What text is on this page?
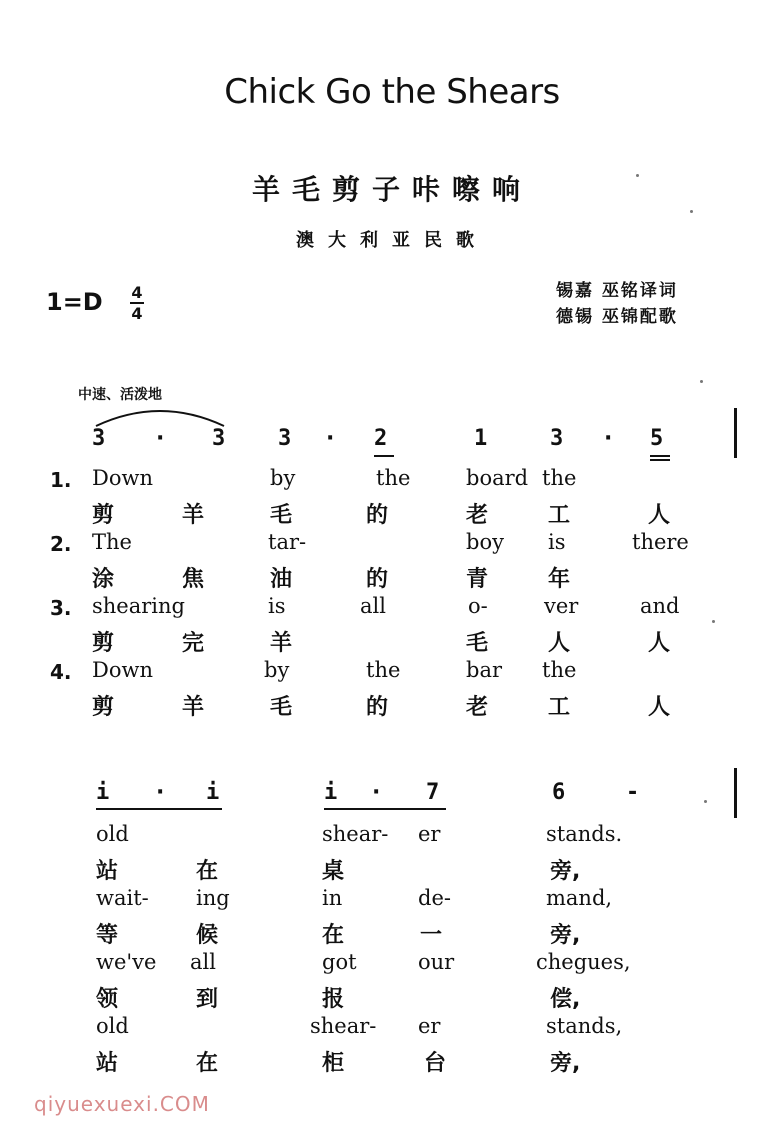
Chick Go the Shears
羊毛剪子咔嚓响
澳大利亚民歌
1=D 4
4
锡嘉 巫铭译词
德锡 巫锦配歌
中速、活泼地
3 · 3 3 · 2	1	3 · 5
1.
2.
3.
4.
Down	by	the	board the
剪	羊	毛	的	老	工	人
The	tar-	boy is	there
涂	焦	油	的	青	年
shearing	is	all	o-	ver	and
剪	完	羊	毛	人	人
Down	by	the	bar the
剪	羊	毛	的	老	工	人
i · i	i · 7	6	-
old	shear- er	stands.
站	在	桌	旁,
wait- ing	in	de-	mand,
等	候	在	一	旁,
we've all	got	our	chegues,
领	到	报	偿,
old	shear- er	stands,
站	在	柜	台	旁,
qiyuexuexi.COM
